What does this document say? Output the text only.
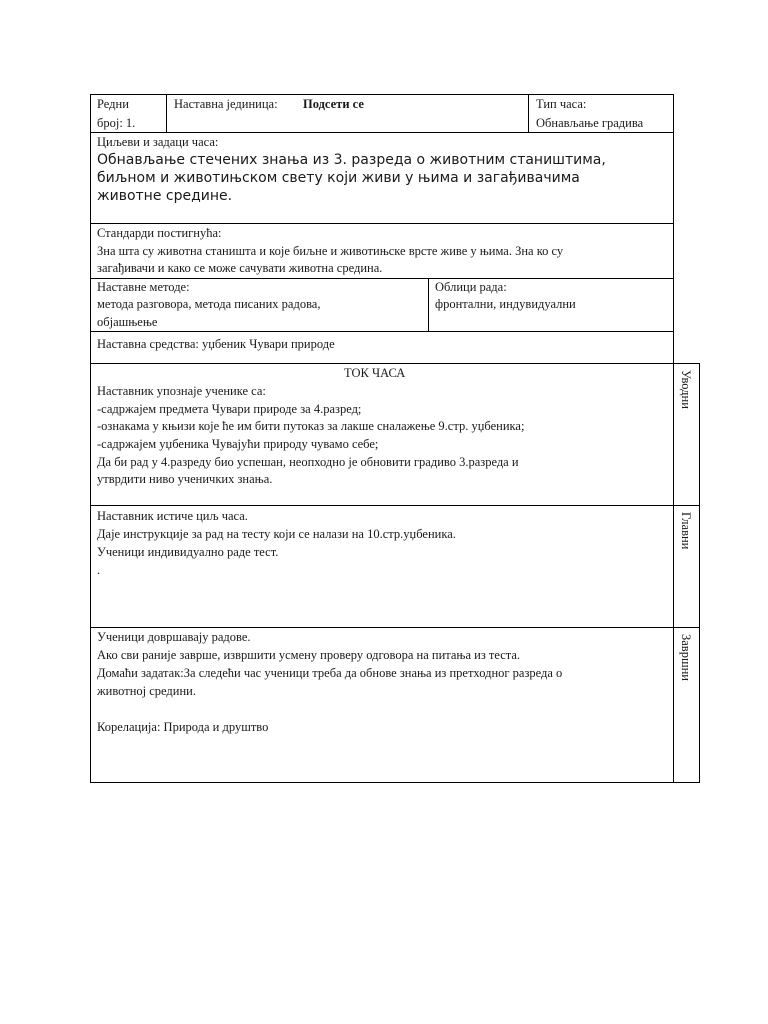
Редни
број: 1.
Наставна јединица: Подсети се	Тип часа:
Обнављање градива
Циљеви и задаци часа:
Обнављање стечених знања из 3. разреда о животним стаништима,
биљном и животињском свету који живи у њима и загађивачима
животне средине.
Стандарди постигнућа:
Зна шта су животна станишта и које биљне и животињске врсте живе у њима. Зна ко су
загађивачи и како се може сачувати животна средина.
Наставне методе:
метода разговора, метода писаних радова,
објашњење
Облици рада:
фронтални, индувидуални
Наставна средства: уџбеник Чувари природе
ТОК ЧАСА
Наставник упознаје ученике са:
-садржајем предмета Чувари природе за 4.разред;
-ознакама у књизи које ће им бити путоказ за лакше сналажење 9.стр. уџбеника;
-садржајем уџбеника Чувајући природу чувамо себе;
Да би рад у 4.разреду био успешан, неопходно је обновити градиво 3.разреда и
утврдити ниво ученичких знања.
Уводни
Наставник истиче циљ часа.
Даје инструкције за рад на тесту који се налази на 10.стр.уџбеника.
Ученици индивидуално раде тест.
.
Главни
Ученици довршавају радове.
Ако сви раније заврше, извршити усмену проверу одговора на питања из теста.
Домаћи задатак:За следећи час ученици треба да обнове знања из претходног разреда о
животној средини.
Корелација: Природа и друштво
Завршни
